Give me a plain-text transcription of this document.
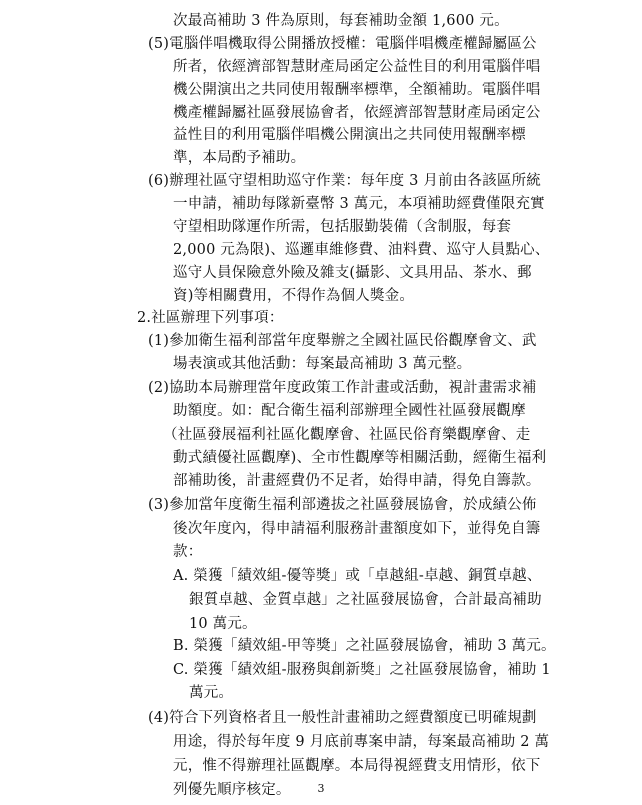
次最高補助 3 件為原則，每套補助金額 1,600 元。
(5)電腦伴唱機取得公開播放授權：電腦伴唱機產權歸屬區公
所者，依經濟部智慧財產局函定公益性目的利用電腦伴唱
機公開演出之共同使用報酬率標準，全額補助。電腦伴唱
機產權歸屬社區發展協會者，依經濟部智慧財產局函定公
益性目的利用電腦伴唱機公開演出之共同使用報酬率標
準，本局酌予補助。
(6)辦理社區守望相助巡守作業：每年度 3 月前由各該區所統
一申請，補助每隊新臺幣 3 萬元，本項補助經費僅限充實
守望相助隊運作所需，包括服勤裝備（含制服，每套
2,000 元為限)、巡邏車維修費、油料費、巡守人員點心、
巡守人員保險意外險及雜支(攝影、文具用品、茶水、郵
資)等相關費用，不得作為個人獎金。
2.社區辦理下列事項：
(1)參加衛生福利部當年度舉辦之全國社區民俗觀摩會文、武
場表演或其他活動：每案最高補助 3 萬元整。
(2)協助本局辦理當年度政策工作計畫或活動，視計畫需求補
助額度。如：配合衛生福利部辦理全國性社區發展觀摩
（社區發展福利社區化觀摩會、社區民俗育樂觀摩會、走
動式績優社區觀摩)、全市性觀摩等相關活動，經衛生福利
部補助後，計畫經費仍不足者，始得申請，得免自籌款。
(3)參加當年度衛生福利部遴拔之社區發展協會，於成績公佈
後次年度內，得申請福利服務計畫額度如下，並得免自籌
款：
A. 榮獲「績效組-優等獎」或「卓越組-卓越、銅質卓越、
銀質卓越、金質卓越」之社區發展協會，合計最高補助
10 萬元。
B. 榮獲「績效組-甲等獎」之社區發展協會，補助 3 萬元。
C. 榮獲「績效組-服務與創新獎」之社區發展協會，補助 1
萬元。
3
(4)符合下列資格者且一般性計畫補助之經費額度已明確規劃
用途，得於每年度 9 月底前專案申請，每案最高補助 2 萬
元，惟不得辦理社區觀摩。本局得視經費支用情形，依下
列優先順序核定。
